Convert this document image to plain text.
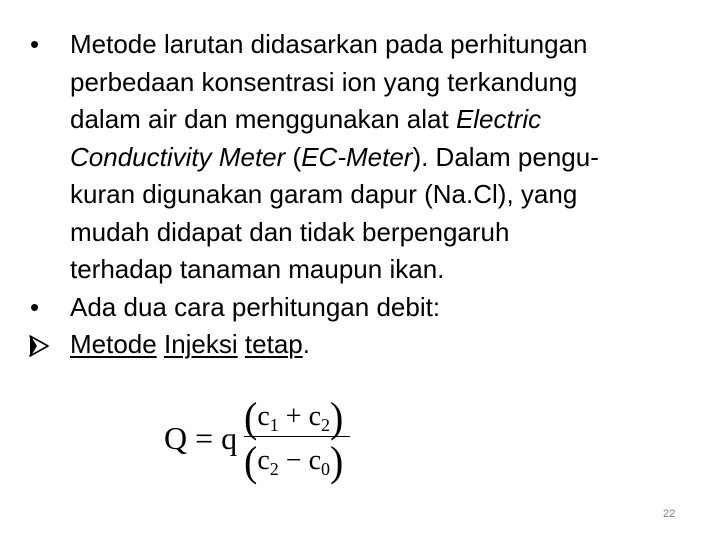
•	Metode larutan didasarkan pada perhitungan
perbedaan konsentrasi ion yang terkandung
dalam air dan menggunakan alat Electric
Conductivity Meter (EC-Meter). Dalam pengu-
kuran digunakan garam dapur (Na.Cl), yang
mudah didapat dan tidak berpengaruh
terhadap tanaman maupun ikan.
•	Ada dua cara perhitungan debit:
Metode Injeksi tetap.
Q = q $(c_1 + c_2)$
$(c_2 - c_0)$
22
